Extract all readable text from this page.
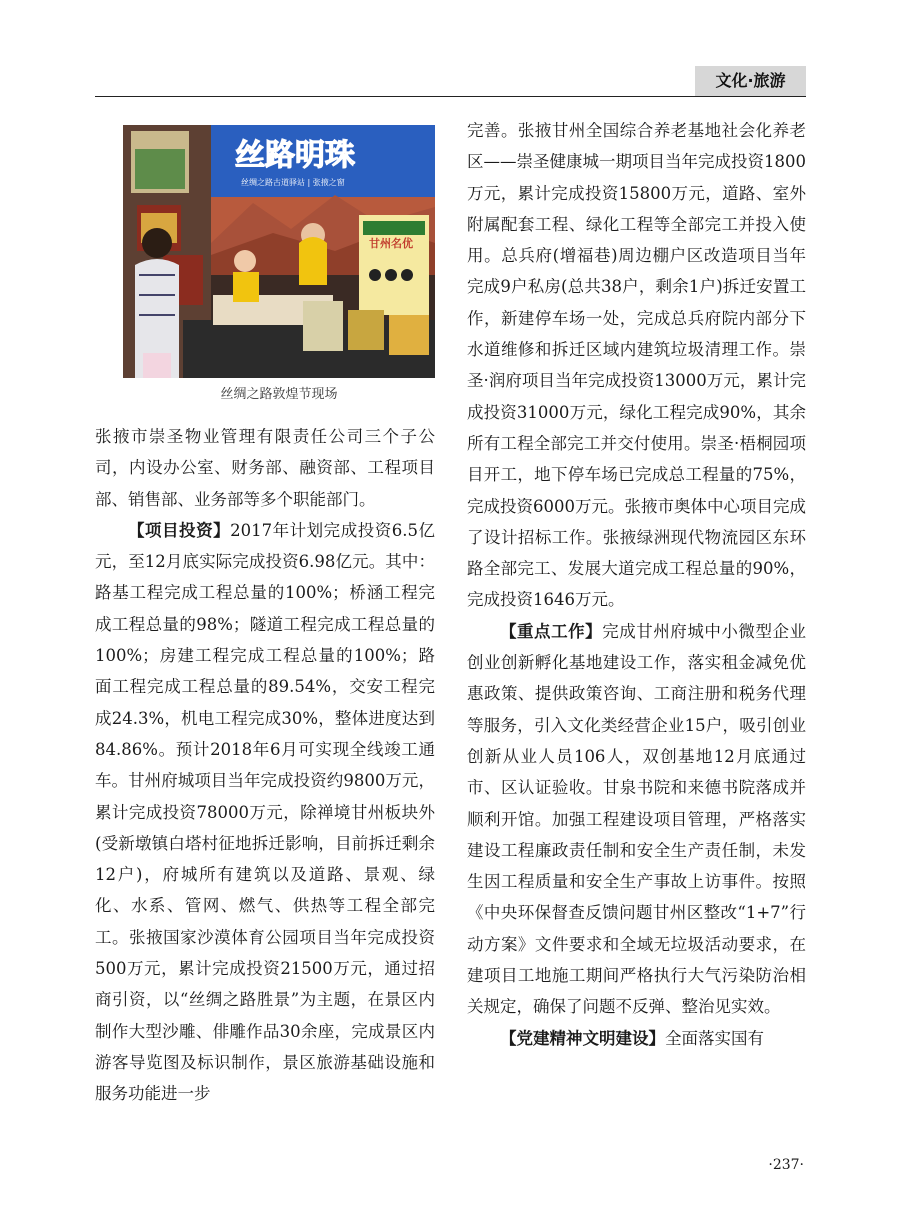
文化·旅游
丝路明珠
丝绸之路古道驿站 | 张掖之窗
甘州名优
丝绸之路敦煌节现场

张掖市崇圣物业管理有限责任公司三个子公司，内设办公室、财务部、融资部、工程项目部、销售部、业务部等多个职能部门。

【项目投资】2017年计划完成投资6.5亿元，至12月底实际完成投资6.98亿元。其中：路基工程完成工程总量的100%；桥涵工程完成工程总量的98%；隧道工程完成工程总量的100%；房建工程完成工程总量的100%；路面工程完成工程总量的89.54%，交安工程完成24.3%，机电工程完成30%，整体进度达到84.86%。预计2018年6月可实现全线竣工通车。甘州府城项目当年完成投资约9800万元，累计完成投资78000万元，除禅境甘州板块外(受新墩镇白塔村征地拆迁影响，目前拆迁剩余12户)，府城所有建筑以及道路、景观、绿化、水系、管网、燃气、供热等工程全部完工。张掖国家沙漠体育公园项目当年完成投资500万元，累计完成投资21500万元，通过招商引资，以“丝绸之路胜景”为主题，在景区内制作大型沙雕、俳雕作品30余座，完成景区内游客导览图及标识制作，景区旅游基础设施和服务功能进一步

完善。张掖甘州全国综合养老基地社会化养老区——崇圣健康城一期项目当年完成投资1800万元，累计完成投资15800万元，道路、室外附属配套工程、绿化工程等全部完工并投入使用。总兵府(增福巷)周边棚户区改造项目当年完成9户私房(总共38户，剩余1户)拆迁安置工作，新建停车场一处，完成总兵府院内部分下水道维修和拆迁区域内建筑垃圾清理工作。崇圣·润府项目当年完成投资13000万元，累计完成投资31000万元，绿化工程完成90%，其余所有工程全部完工并交付使用。崇圣·梧桐园项目开工，地下停车场已完成总工程量的75%，完成投资6000万元。张掖市奥体中心项目完成了设计招标工作。张掖绿洲现代物流园区东环路全部完工、发展大道完成工程总量的90%，完成投资1646万元。

【重点工作】完成甘州府城中小微型企业创业创新孵化基地建设工作，落实租金减免优惠政策、提供政策咨询、工商注册和税务代理等服务，引入文化类经营企业15户，吸引创业创新从业人员106人，双创基地12月底通过市、区认证验收。甘泉书院和来德书院落成并顺利开馆。加强工程建设项目管理，严格落实建设工程廉政责任制和安全生产责任制，未发生因工程质量和安全生产事故上访事件。按照《中央环保督查反馈问题甘州区整改“1+7”行动方案》文件要求和全域无垃圾活动要求，在建项目工地施工期间严格执行大气污染防治相关规定，确保了问题不反弹、整治见实效。

【党建精神文明建设】全面落实国有

·237·
